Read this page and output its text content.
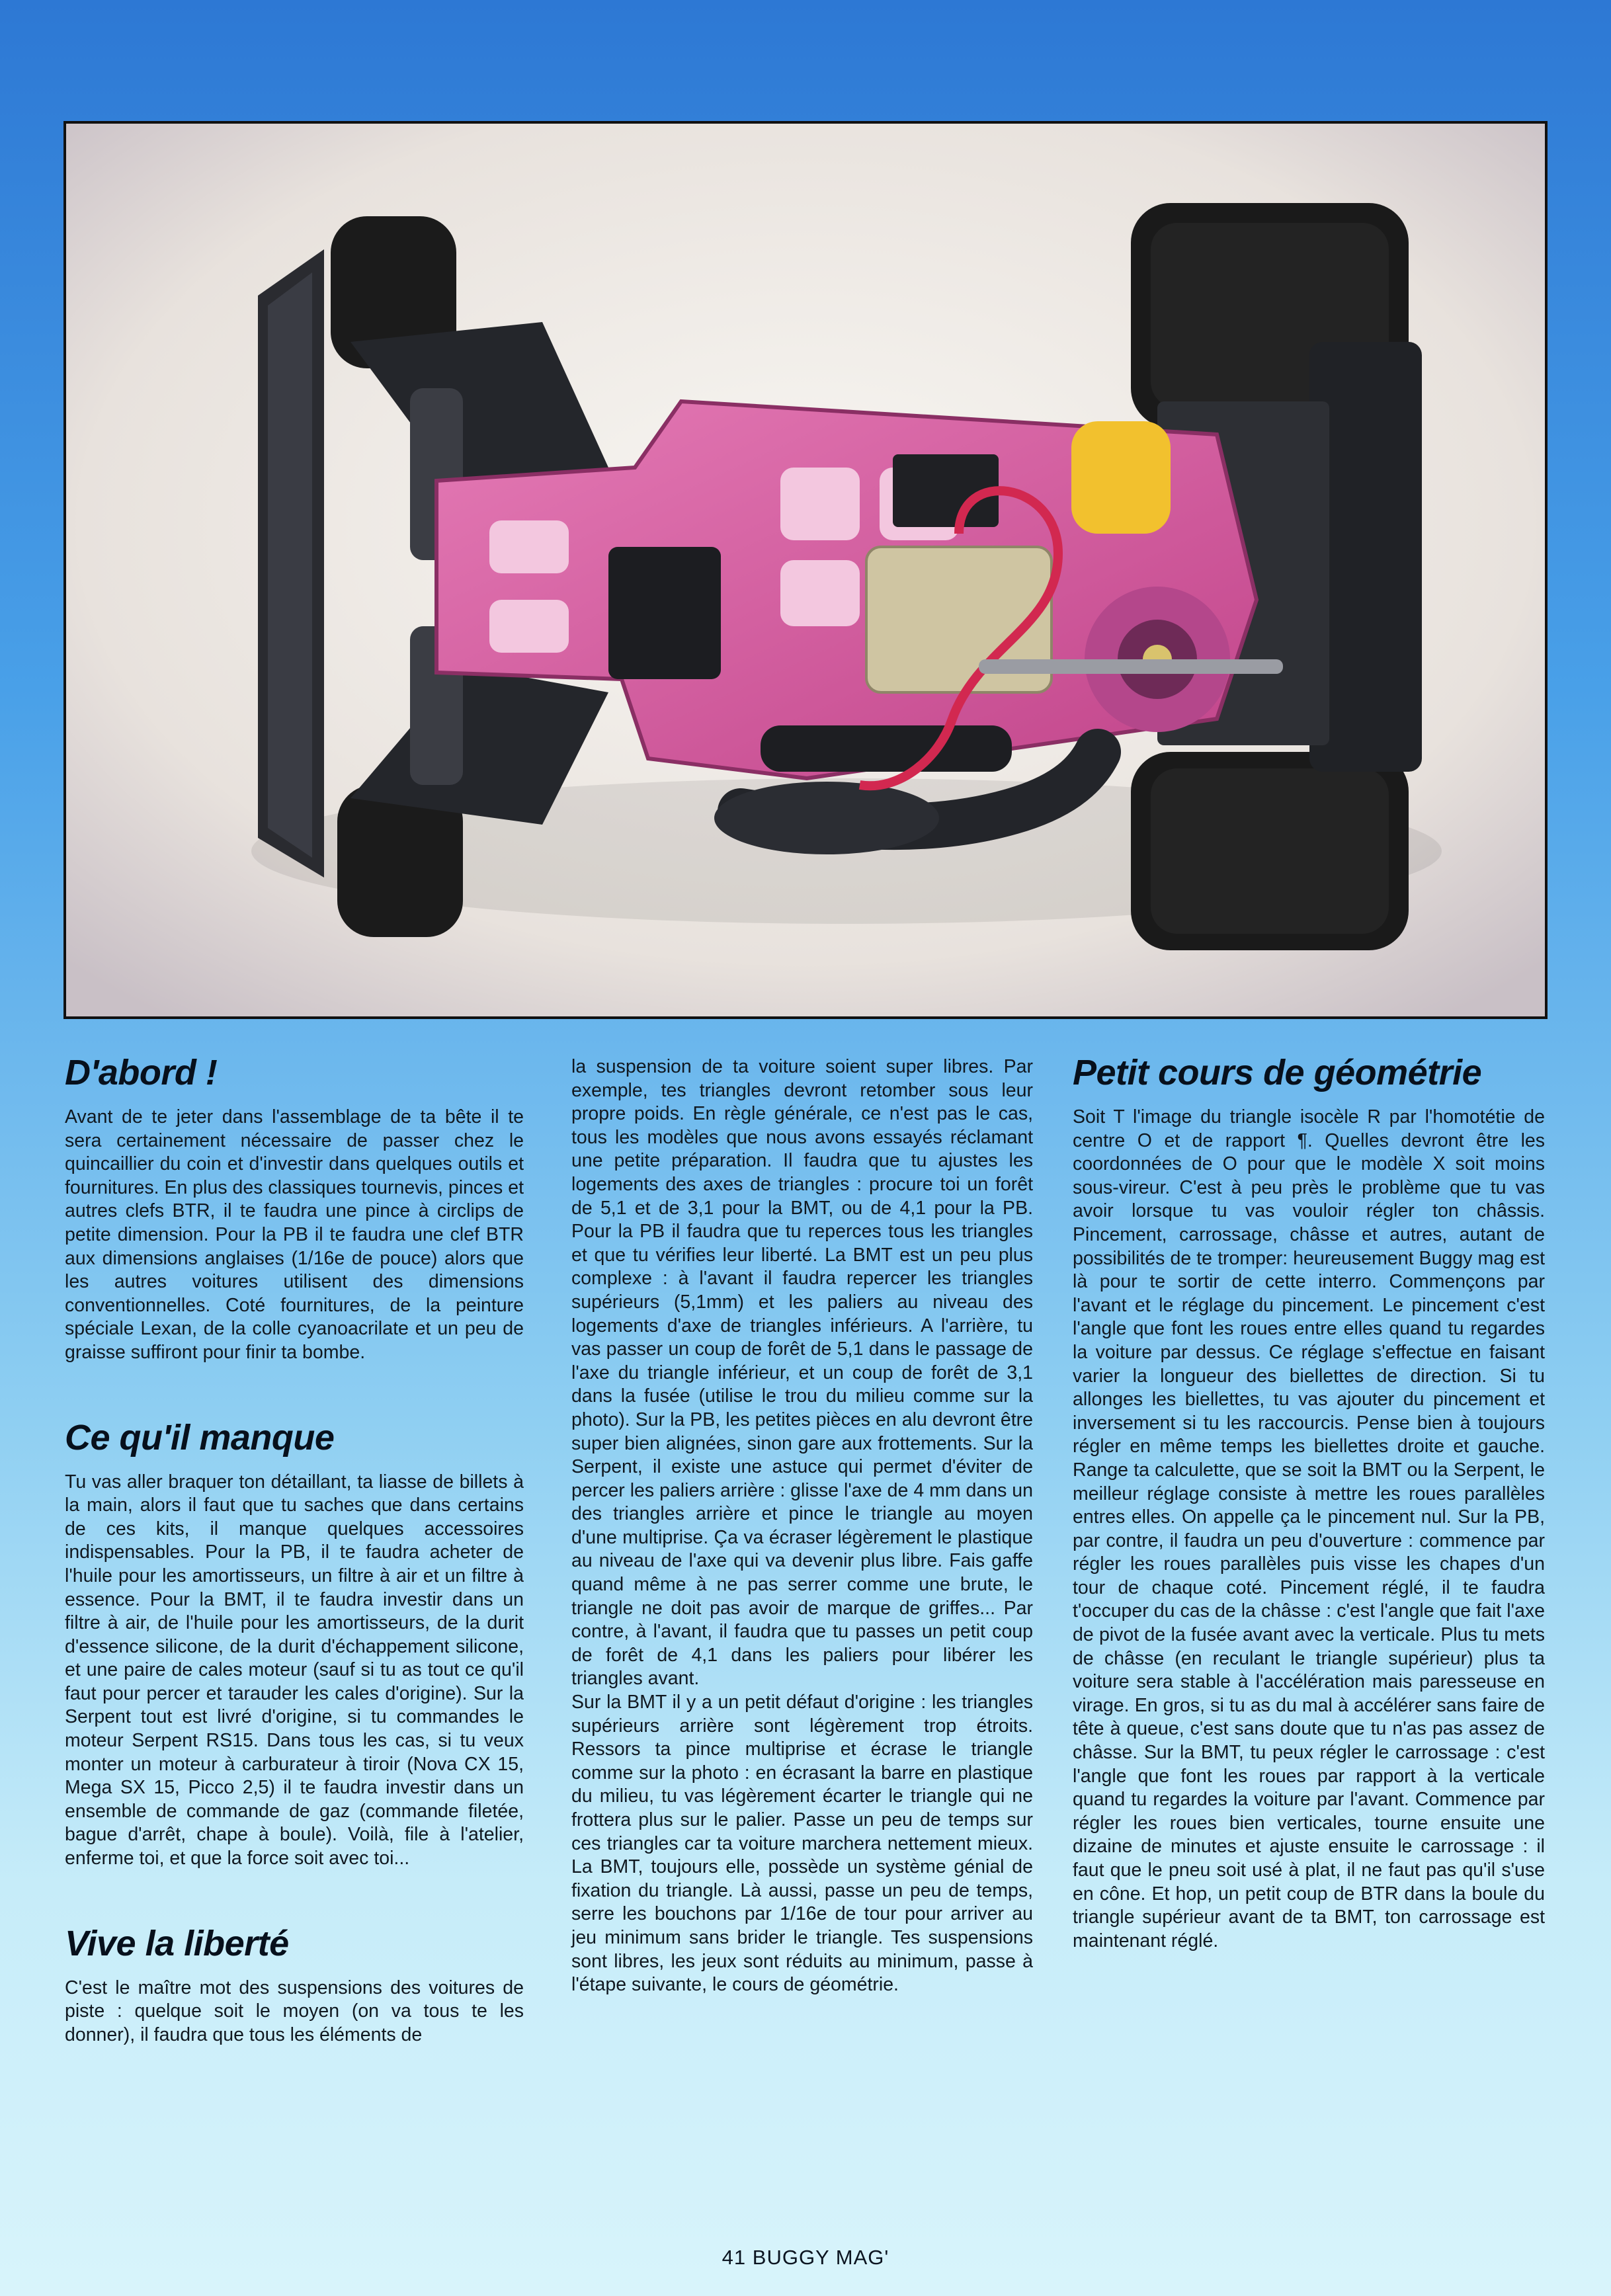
D'abord !

Avant de te jeter dans l'assemblage de ta bête il te sera certainement nécessaire de passer chez le quincaillier du coin et d'investir dans quelques outils et fournitures. En plus des classiques tournevis, pinces et autres clefs BTR, il te faudra une pince à circlips de petite dimension. Pour la PB il te faudra une clef BTR aux dimensions anglaises (1/16e de pouce) alors que les autres voitures utilisent des dimensions conventionnelles. Coté fournitures, de la peinture spéciale Lexan, de la colle cyanoacrilate et un peu de graisse suffiront pour finir ta bombe.

Ce qu'il manque

Tu vas aller braquer ton détaillant, ta liasse de billets à la main, alors il faut que tu saches que dans certains de ces kits, il manque quelques accessoires indispensables. Pour la PB, il te faudra acheter de l'huile pour les amortisseurs, un filtre à air et un filtre à essence. Pour la BMT, il te faudra investir dans un filtre à air, de l'huile pour les amortisseurs, de la durit d'essence silicone, de la durit d'échappement silicone, et une paire de cales moteur (sauf si tu as tout ce qu'il faut pour percer et tarauder les cales d'origine). Sur la Serpent tout est livré d'origine, si tu commandes le moteur Serpent RS15. Dans tous les cas, si tu veux monter un moteur à carburateur à tiroir (Nova CX 15, Mega SX 15, Picco 2,5) il te faudra investir dans un ensemble de commande de gaz (commande filetée, bague d'arrêt, chape à boule). Voilà, file à l'atelier, enferme toi, et que la force soit avec toi...

Vive la liberté

C'est le maître mot des suspensions des voitures de piste : quelque soit le moyen (on va tous te les donner), il faudra que tous les éléments de

la suspension de ta voiture soient super libres. Par exemple, tes triangles devront retomber sous leur propre poids. En règle générale, ce n'est pas le cas, tous les modèles que nous avons essayés réclamant une petite préparation. Il faudra que tu ajustes les logements des axes de triangles : procure toi un forêt de 5,1 et de 3,1 pour la BMT, ou de 4,1 pour la PB. Pour la PB il faudra que tu reperces tous les triangles et que tu vérifies leur liberté. La BMT est un peu plus complexe : à l'avant il faudra repercer les triangles supérieurs (5,1mm) et les paliers au niveau des logements d'axe de triangles inférieurs. A l'arrière, tu vas passer un coup de forêt de 5,1 dans le passage de l'axe du triangle inférieur, et un coup de forêt de 3,1 dans la fusée (utilise le trou du milieu comme sur la photo). Sur la PB, les petites pièces en alu devront être super bien alignées, sinon gare aux frottements. Sur la Serpent, il existe une astuce qui permet d'éviter de percer les paliers arrière : glisse l'axe de 4 mm dans un des triangles arrière et pince le triangle au moyen d'une multiprise. Ça va écraser légèrement le plastique au niveau de l'axe qui va devenir plus libre. Fais gaffe quand même à ne pas serrer comme une brute, le triangle ne doit pas avoir de marque de griffes... Par contre, à l'avant, il faudra que tu passes un petit coup de forêt de 4,1 dans les paliers pour libérer les triangles avant.

Sur la BMT il y a un petit défaut d'origine : les triangles supérieurs arrière sont légèrement trop étroits. Ressors ta pince multiprise et écrase le triangle comme sur la photo : en écrasant la barre en plastique du milieu, tu vas légèrement écarter le triangle qui ne frottera plus sur le palier. Passe un peu de temps sur ces triangles car ta voiture marchera nettement mieux. La BMT, toujours elle, possède un système génial de fixation du triangle. Là aussi, passe un peu de temps, serre les bouchons par 1/16e de tour pour arriver au jeu minimum sans brider le triangle. Tes suspensions sont libres, les jeux sont réduits au minimum, passe à l'étape suivante, le cours de géométrie.

Petit cours de géométrie

Soit T l'image du triangle isocèle R par l'homotétie de centre O et de rapport ¶. Quelles devront être les coordonnées de O pour que le modèle X soit moins sous-vireur. C'est à peu près le problème que tu vas avoir lorsque tu vas vouloir régler ton châssis. Pincement, carrossage, châsse et autres, autant de possibilités de te tromper: heureusement Buggy mag est là pour te sortir de cette interro. Commençons par l'avant et le réglage du pincement. Le pincement c'est l'angle que font les roues entre elles quand tu regardes la voiture par dessus. Ce réglage s'effectue en faisant varier la longueur des biellettes de direction. Si tu allonges les biellettes, tu vas ajouter du pincement et inversement si tu les raccourcis. Pense bien à toujours régler en même temps les biellettes droite et gauche. Range ta calculette, que se soit la BMT ou la Serpent, le meilleur réglage consiste à mettre les roues parallèles entres elles. On appelle ça le pincement nul. Sur la PB, par contre, il faudra un peu d'ouverture : commence par régler les roues parallèles puis visse les chapes d'un tour de chaque coté. Pincement réglé, il te faudra t'occuper du cas de la châsse : c'est l'angle que fait l'axe de pivot de la fusée avant avec la verticale. Plus tu mets de châsse (en reculant le triangle supérieur) plus ta voiture sera stable à l'accélération mais paresseuse en virage. En gros, si tu as du mal à accélérer sans faire de tête à queue, c'est sans doute que tu n'as pas assez de châsse. Sur la BMT, tu peux régler le carrossage : c'est l'angle que font les roues par rapport à la verticale quand tu regardes la voiture par l'avant. Commence par régler les roues bien verticales, tourne ensuite une dizaine de minutes et ajuste ensuite le carrossage : il faut que le pneu soit usé à plat, il ne faut pas qu'il s'use en cône. Et hop, un petit coup de BTR dans la boule du triangle supérieur avant de ta BMT, ton carrossage est maintenant réglé.

41 BUGGY MAG'
